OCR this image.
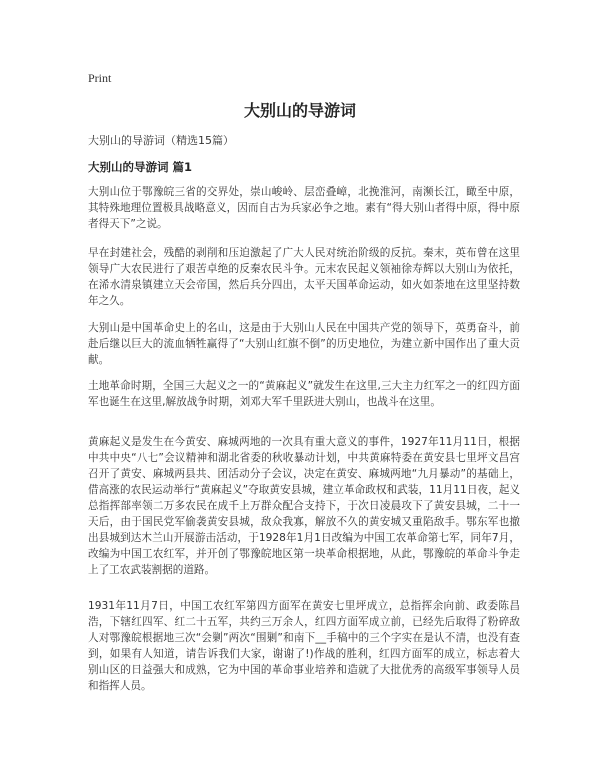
Print
大别山的导游词
大别山的导游词（精选15篇）
大别山的导游词 篇1

大别山位于鄂豫皖三省的交界处，崇山峻岭、层峦叠嶂，北挽淮河，南濒长江，瞰至中原，其特殊地理位置极具战略意义，因而自古为兵家必争之地。素有“得大别山者得中原，得中原者得天下”之说。

早在封建社会，残酷的剥削和压迫激起了广大人民对统治阶级的反抗。秦末，英布曾在这里领导广大农民进行了艰苦卓绝的反秦农民斗争。元末农民起义领袖徐寿辉以大别山为依托，在浠水清泉镇建立天会帝国，然后兵分四出，太平天国革命运动，如火如荼地在这里坚持数年之久。

大别山是中国革命史上的名山，这是由于大别山人民在中国共产党的领导下，英勇奋斗，前赴后继以巨大的流血牺牲赢得了“大别山红旗不倒”的历史地位，为建立新中国作出了重大贡献。

土地革命时期，全国三大起义之一的“黄麻起义”就发生在这里,三大主力红军之一的红四方面军也诞生在这里,解放战争时期，刘邓大军千里跃进大别山，也战斗在这里。

黄麻起义是发生在今黄安、麻城两地的一次具有重大意义的事件，1927年11月11日，根据中共中央“八七”会议精神和湖北省委的秋收暴动计划，中共黄麻特委在黄安县七里坪文昌宫召开了黄安、麻城两县共、团活动分子会议，决定在黄安、麻城两地“九月暴动”的基础上，借高涨的农民运动举行“黄麻起义”夺取黄安县城，建立革命政权和武装，11月11日夜，起义总指挥部率领二万多农民在成千上万群众配合支持下，于次日凌晨攻下了黄安县城，二十一天后，由于国民党军偷袭黄安县城，敌众我寡，解放不久的黄安城又重陷敌手。鄂东军也撤出县城到达木兰山开展游击活动，于1928年1月1日改编为中国工农革命第七军，同年7月，改编为中国工农红军，并开创了鄂豫皖地区第一块革命根据地，从此，鄂豫皖的革命斗争走上了工农武装割据的道路。

1931年11月7日，中国工农红军第四方面军在黄安七里坪成立，总指挥余向前、政委陈昌浩，下辖红四军、红二十五军，共约三万余人，红四方面军成立前，已经先后取得了粉碎敌人对鄂豫皖根据地三次“会剿”两次“围剿”和南下__手稿中的三个字实在是认不清，也没有查到，如果有人知道，请告诉我们大家，谢谢了!)作战的胜利，红四方面军的成立，标志着大别山区的日益强大和成熟，它为中国的革命事业培养和造就了大批优秀的高级军事领导人员和指挥人员。
